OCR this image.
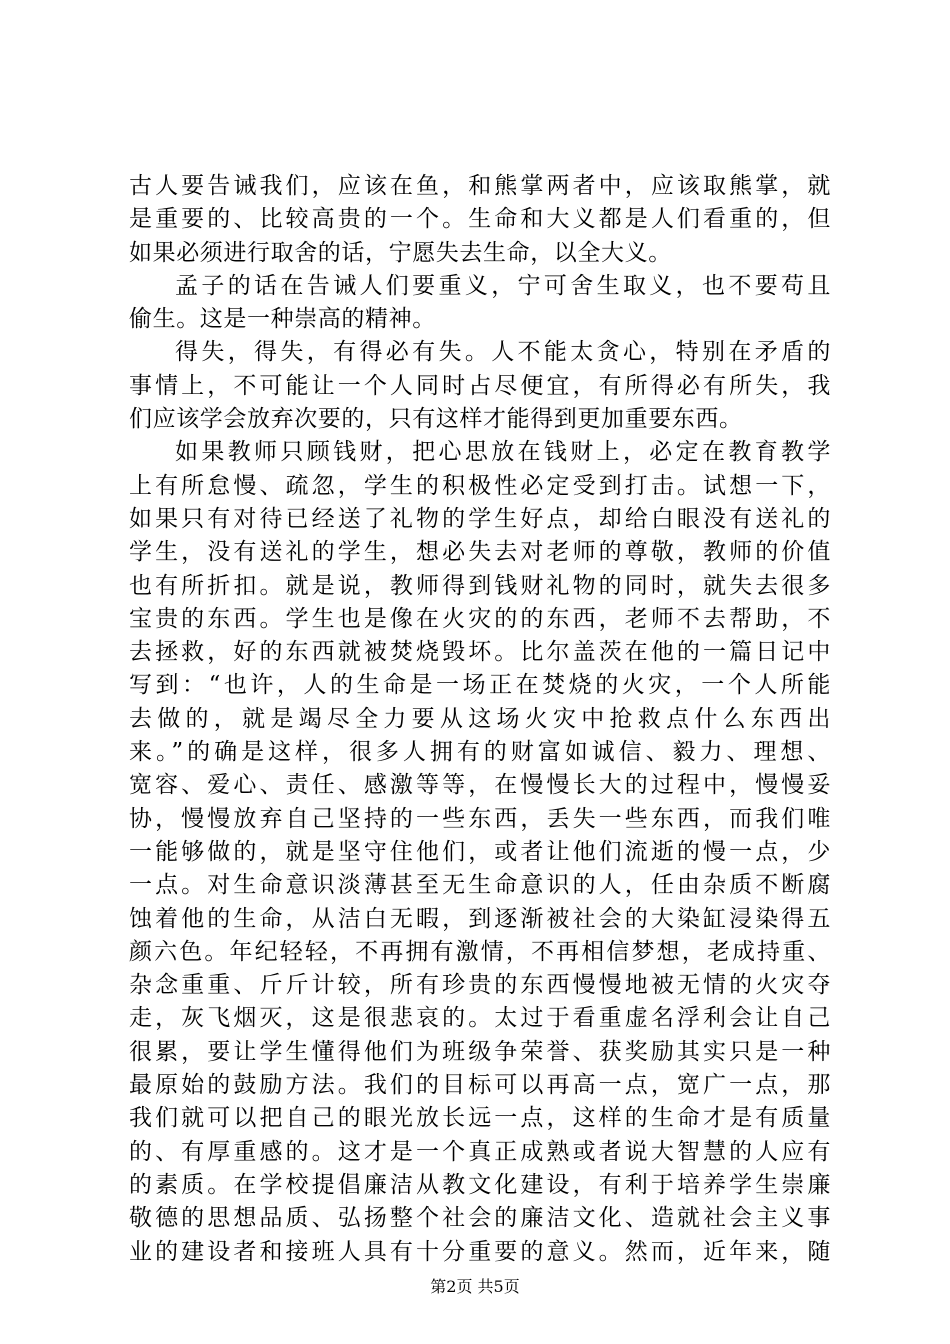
古人要告诫我们，应该在鱼，和熊掌两者中，应该取熊掌，就
是重要的、比较高贵的一个。生命和大义都是人们看重的，但
如果必须进行取舍的话，宁愿失去生命，以全大义。
孟子的话在告诫人们要重义，宁可舍生取义，也不要苟且
偷生。这是一种崇高的精神。
得失，得失，有得必有失。人不能太贪心，特别在矛盾的
事情上，不可能让一个人同时占尽便宜，有所得必有所失，我
们应该学会放弃次要的，只有这样才能得到更加重要东西。
如果教师只顾钱财，把心思放在钱财上，必定在教育教学
上有所怠慢、疏忽，学生的积极性必定受到打击。试想一下，
如果只有对待已经送了礼物的学生好点，却给白眼没有送礼的
学生，没有送礼的学生，想必失去对老师的尊敬，教师的价值
也有所折扣。就是说，教师得到钱财礼物的同时，就失去很多
宝贵的东西。学生也是像在火灾的的东西，老师不去帮助，不
去拯救，好的东西就被焚烧毁坏。比尔盖茨在他的一篇日记中
写到：“也许，人的生命是一场正在焚烧的火灾，一个人所能
去做的，就是竭尽全力要从这场火灾中抢救点什么东西出
来。”的确是这样，很多人拥有的财富如诚信、毅力、理想、
宽容、爱心、责任、感激等等，在慢慢长大的过程中，慢慢妥
协，慢慢放弃自己坚持的一些东西，丢失一些东西，而我们唯
一能够做的，就是坚守住他们，或者让他们流逝的慢一点，少
一点。对生命意识淡薄甚至无生命意识的人，任由杂质不断腐
蚀着他的生命，从洁白无暇，到逐渐被社会的大染缸浸染得五
颜六色。年纪轻轻，不再拥有激情，不再相信梦想，老成持重、
杂念重重、斤斤计较，所有珍贵的东西慢慢地被无情的火灾夺
走，灰飞烟灭，这是很悲哀的。太过于看重虚名浮利会让自己
很累，要让学生懂得他们为班级争荣誉、获奖励其实只是一种
最原始的鼓励方法。我们的目标可以再高一点，宽广一点，那
我们就可以把自己的眼光放长远一点，这样的生命才是有质量
的、有厚重感的。这才是一个真正成熟或者说大智慧的人应有
的素质。在学校提倡廉洁从教文化建设，有利于培养学生崇廉
敬德的思想品质、弘扬整个社会的廉洁文化、造就社会主义事
业的建设者和接班人具有十分重要的意义。然而，近年来，随
第2页 共5页
